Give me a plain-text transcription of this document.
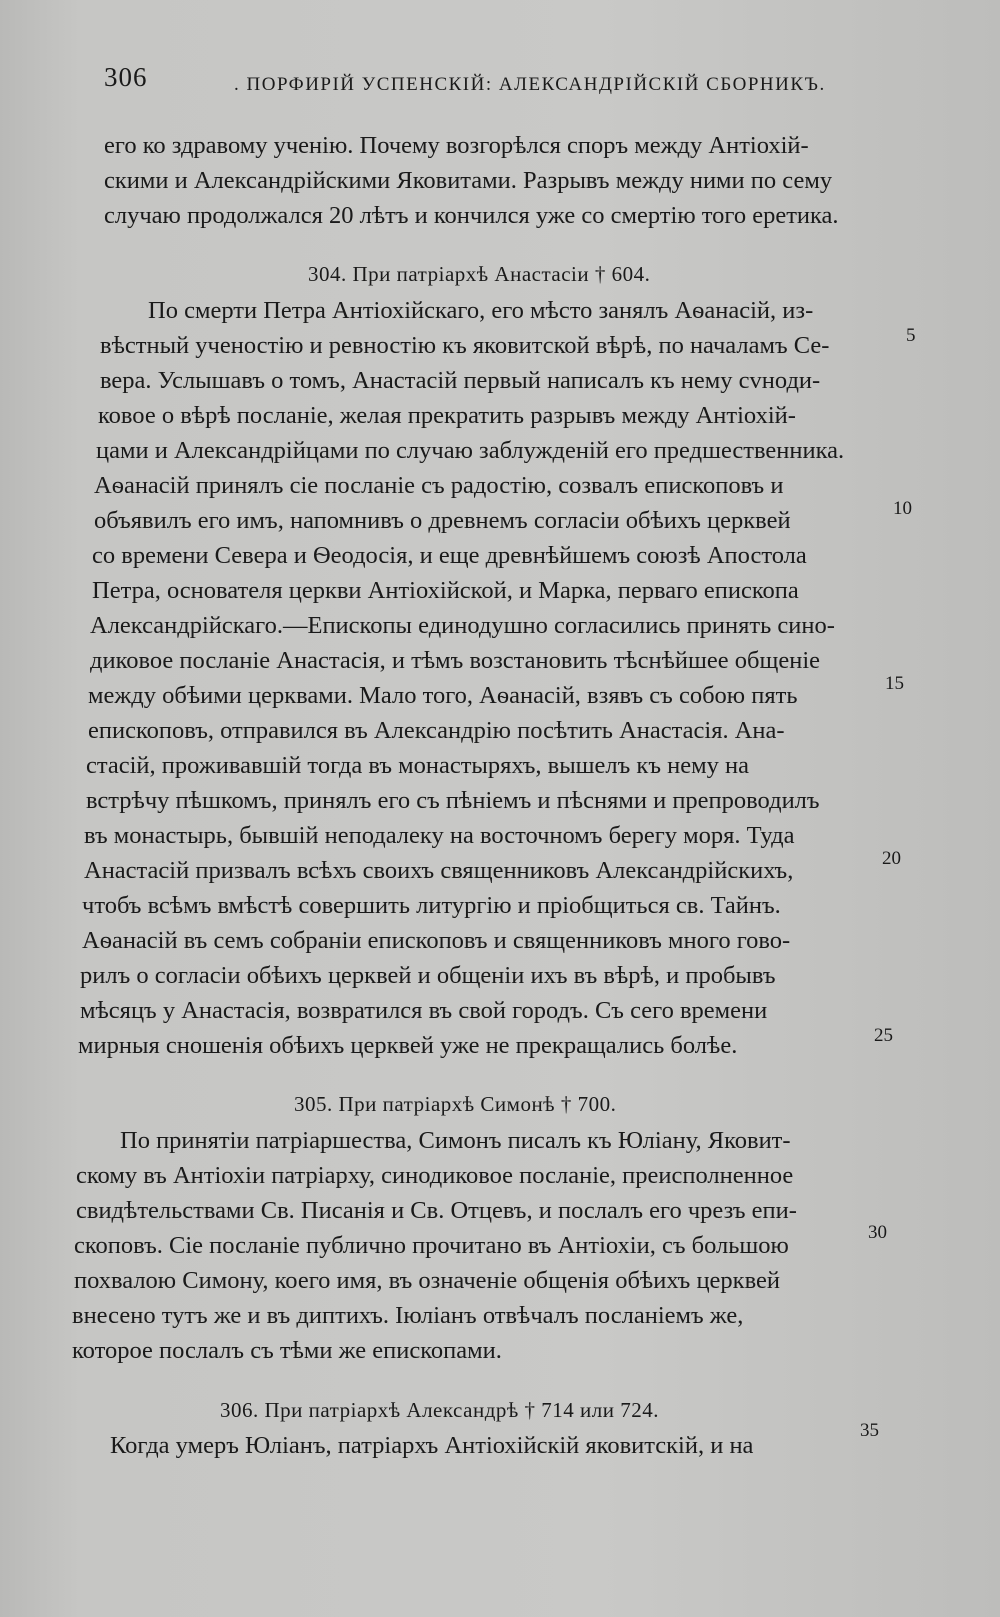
306	. ПОРФИРІЙ УСПЕНСКІЙ: АЛЕКСАНДРІЙСКІЙ СБОРНИКЪ.
его ко здравому ученію. Почему возгорѣлся споръ между Антіохій-
скими и Александрійскими Яковитами. Разрывъ между ними по сему
случаю продолжался 20 лѣтъ и кончился уже со смертію того еретика.
304. При патріархѣ Анастасіи † 604.
По смерти Петра Антіохійскаго, его мѣсто занялъ Аѳанасій, из-
вѣстный ученостію и ревностію къ яковитской вѣрѣ, по началамъ Се-
вера. Услышавъ о томъ, Анастасій первый написалъ къ нему сvноди-
ковое о вѣрѣ посланіе, желая прекратить разрывъ между Антіохій-
цами и Александрійцами по случаю заблужденій его предшественника.
Аѳанасій принялъ сіе посланіе съ радостію, созвалъ епископовъ и
объявилъ его имъ, напомнивъ о древнемъ согласіи обѣихъ церквей
со времени Севера и Ѳеодосія, и еще древнѣйшемъ союзѣ Апостола
Петра, основателя церкви Антіохійской, и Марка, перваго епископа
Александрійскаго.—Епископы единодушно согласились принять сино-
диковое посланіе Анастасія, и тѣмъ возстановить тѣснѣйшее общеніе
между обѣими церквами. Мало того, Аѳанасій, взявъ съ собою пять
епископовъ, отправился въ Александрію посѣтить Анастасія. Ана-
стасій, проживавшій тогда въ монастыряхъ, вышелъ къ нему на
встрѣчу пѣшкомъ, принялъ его съ пѣніемъ и пѣснями и препроводилъ
въ монастырь, бывшій неподалеку на восточномъ берегу моря. Туда
Анастасій призвалъ всѣхъ своихъ священниковъ Александрійскихъ,
чтобъ всѣмъ вмѣстѣ совершить литургію и пріобщиться св. Тайнъ.
Аѳанасій въ семъ собраніи епископовъ и священниковъ много гово-
рилъ о согласіи обѣихъ церквей и общеніи ихъ въ вѣрѣ, и пробывъ
мѣсяцъ у Анастасія, возвратился въ свой городъ. Съ сего времени
мирныя сношенія обѣихъ церквей уже не прекращались болѣе.
305. При патріархѣ Симонѣ † 700.
По принятіи патріаршества, Симонъ писалъ къ Юліану, Яковит-
скому въ Антіохіи патріарху, синодиковое посланіе, преисполненное
свидѣтельствами Св. Писанія и Св. Отцевъ, и послалъ его чрезъ епи-
скоповъ. Сіе посланіе публично прочитано въ Антіохіи, съ большою
похвалою Симону, коего имя, въ означеніе общенія обѣихъ церквей
внесено тутъ же и въ диптихъ. Іюліанъ отвѣчалъ посланіемъ же,
которое послалъ съ тѣми же епископами.
306. При патріархѣ Александрѣ † 714 или 724.
Когда умеръ Юліанъ, патріархъ Антіохійскій яковитскій, и на
5
10
15
20
25
30
35
